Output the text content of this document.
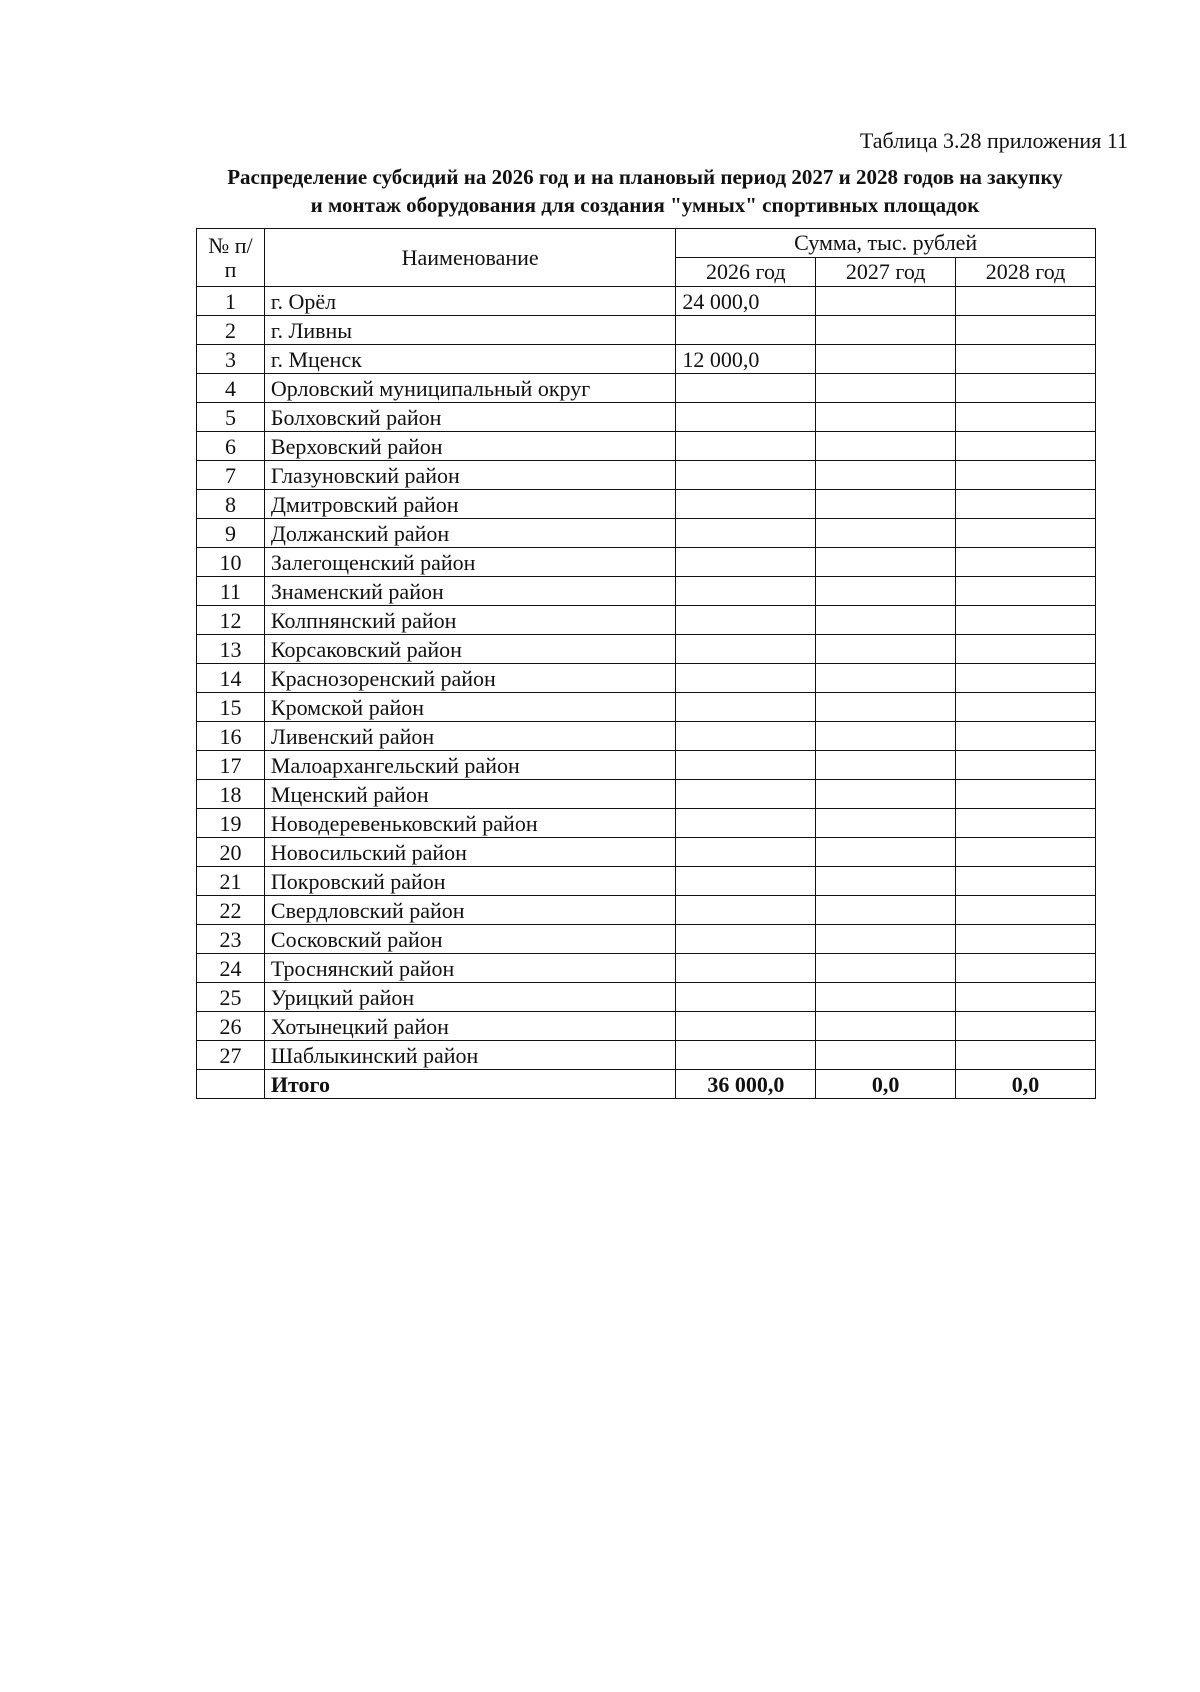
Таблица 3.28 приложения 11
Распределение субсидий на 2026 год и на плановый период 2027 и 2028 годов на закупку
и монтаж оборудования для создания "умных" спортивных площадок
№ п/п	Наименование	Сумма, тыс. рублей		
		2026 год	2027 год	2028 год
1	г. Орёл	24 000,0		
2	г. Ливны			
3	г. Мценск	12 000,0		
4	Орловский муниципальный округ			
5	Болховский район			
6	Верховский район			
7	Глазуновский район			
8	Дмитровский район			
9	Должанский район			
10	Залегощенский район			
11	Знаменский район			
12	Колпнянский район			
13	Корсаковский район			
14	Краснозоренский район			
15	Кромской район			
16	Ливенский район			
17	Малоархангельский район			
18	Мценский район			
19	Новодеревеньковский район			
20	Новосильский район			
21	Покровский район			
22	Свердловский район			
23	Сосковский район			
24	Троснянский район			
25	Урицкий район			
26	Хотынецкий район			
27	Шаблыкинский район			
	Итого	36 000,0	0,0	0,0
